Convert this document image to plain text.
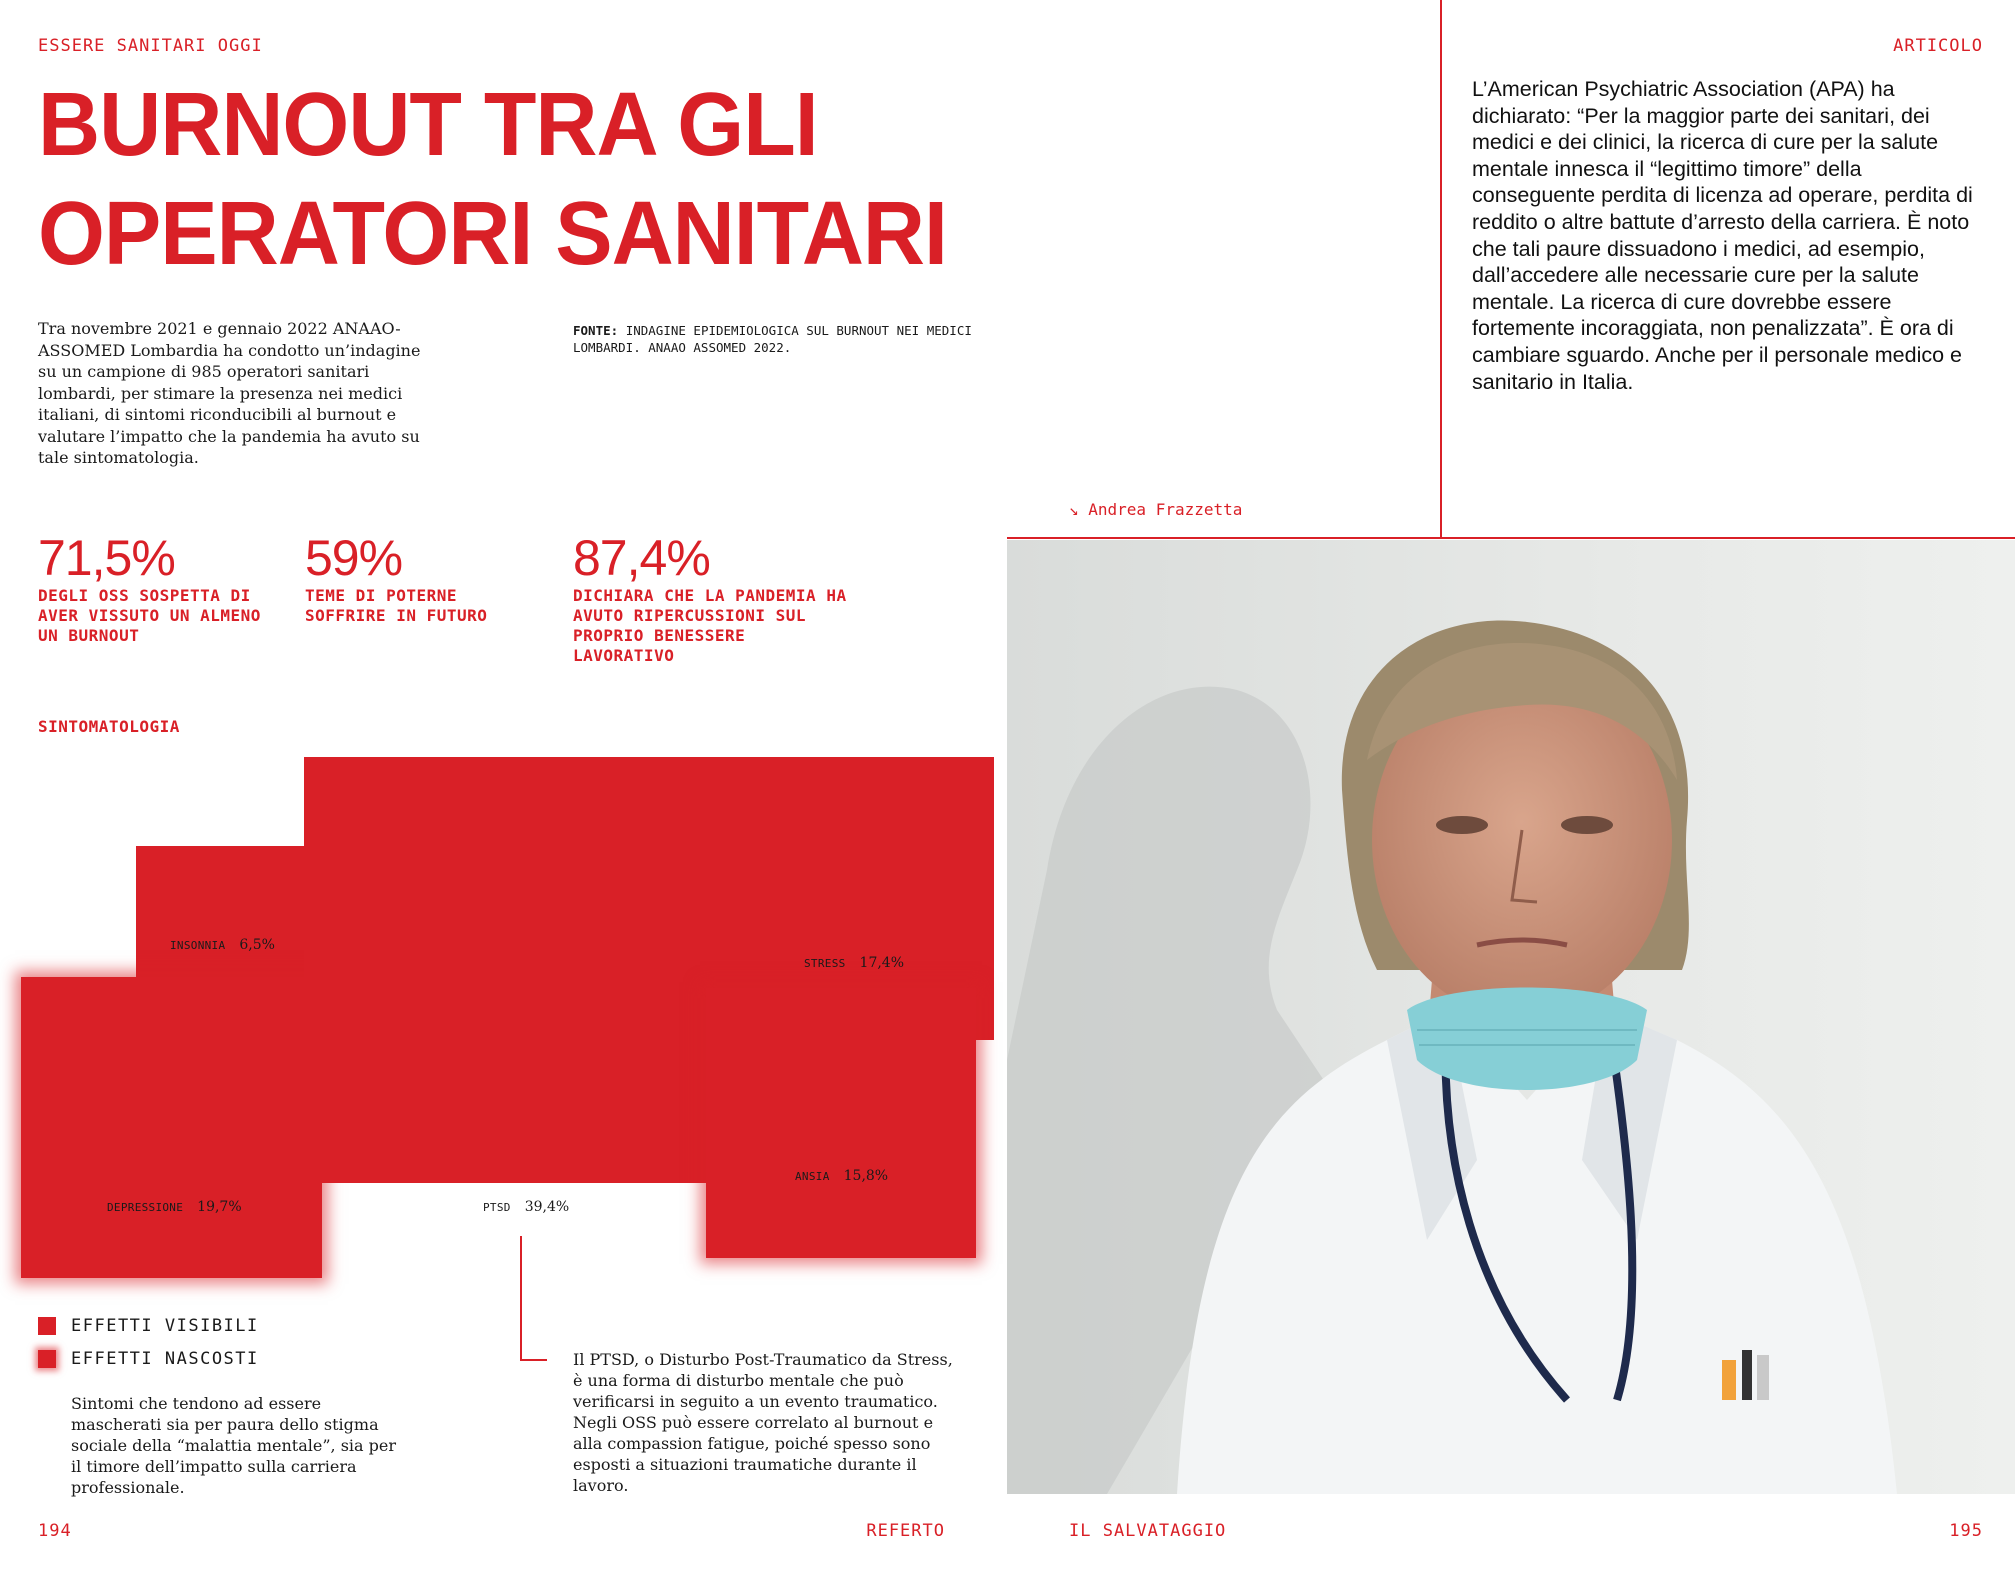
ESSERE SANITARI OGGI
BURNOUT TRA GLI
OPERATORI SANITARI
Tra novembre 2021 e gennaio 2022 ANAAO-ASSOMED Lombardia ha condotto un’indagine su un campione di 985 operatori sanitari lombardi, per stimare la presenza nei medici italiani, di sintomi riconducibili al burnout e valutare l’impatto che la pandemia ha avuto su tale sintomatologia.
FONTE: INDAGINE EPIDEMIOLOGICA SUL BURNOUT NEI MEDICI LOMBARDI. ANAAO ASSOMED 2022.
71,5%
DEGLI OSS SOSPETTA DI AVER VISSUTO UN ALMENO UN BURNOUT
59%
TEME DI POTERNE SOFFRIRE IN FUTURO
87,4%
DICHIARA CHE LA PANDEMIA HA AVUTO RIPERCUSSIONI SUL PROPRIO BENESSERE LAVORATIVO
SINTOMATOLOGIA
INSONNIA 6,5%
DEPRESSIONE 19,7%	PTSD 39,4%
STRESS 17,4%
ANSIA 15,8%
EFFETTI VISIBILI
EFFETTI NASCOSTI
Sintomi che tendono ad essere mascherati sia per paura dello stigma sociale della “malattia mentale”, sia per il timore dell’impatto sulla carriera professionale.
Il PTSD, o Disturbo Post-Traumatico da Stress, è una forma di disturbo mentale che può verificarsi in seguito a un evento traumatico. Negli OSS può essere correlato al burnout e alla compassion fatigue, poiché spesso sono esposti a situazioni traumatiche durante il lavoro.
194	REFERTO
ARTICOLO
L’American Psychiatric Association (APA) ha dichiarato: “Per la maggior parte dei sanitari, dei medici e dei clinici, la ricerca di cure per la salute mentale innesca il “legittimo timore” della conseguente perdita di licenza ad operare, perdita di reddito o altre battute d’arresto della carriera. È noto che tali paure dissuadono i medici, ad esempio, dall’accedere alle necessarie cure per la salute mentale. La ricerca di cure dovrebbe essere fortemente incoraggiata, non penalizzata”. È ora di cambiare sguardo. Anche per il personale medico e sanitario in Italia.
↘ Andrea Frazzetta
IL SALVATAGGIO	195
